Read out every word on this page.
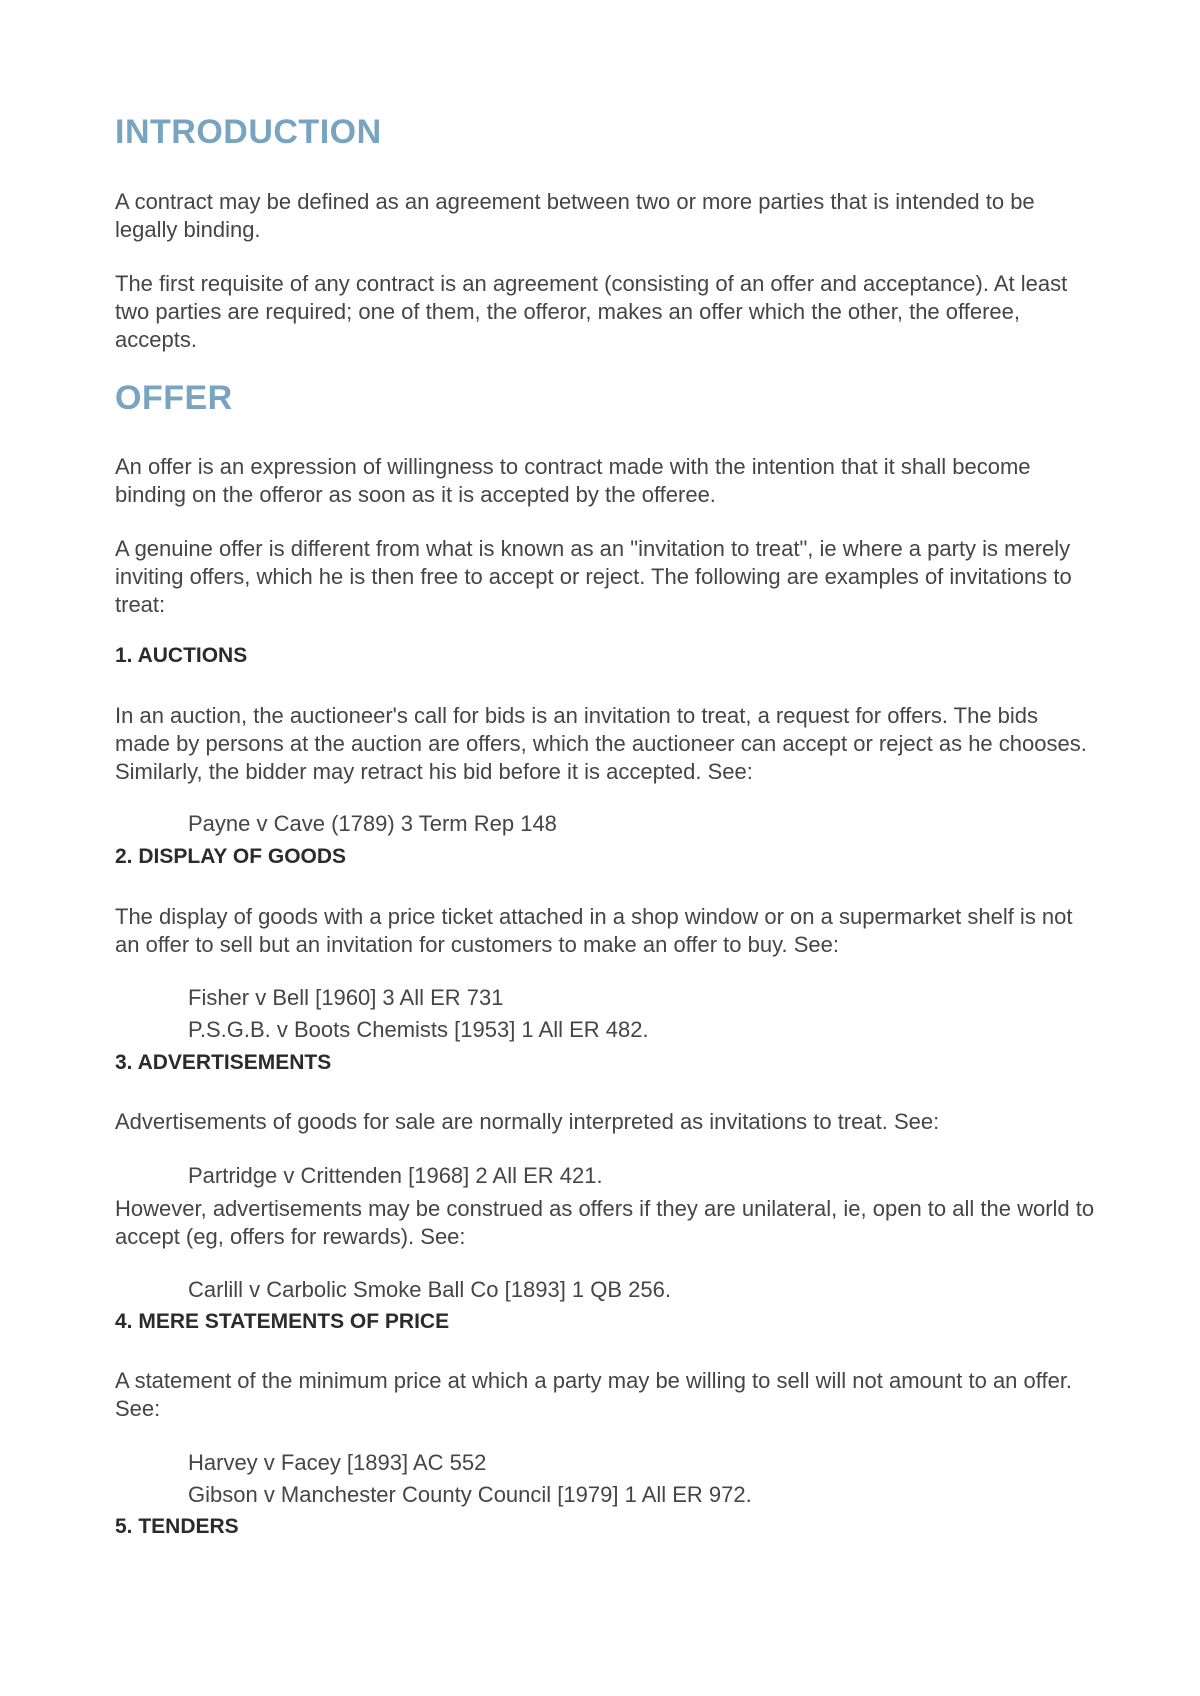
INTRODUCTION

A contract may be defined as an agreement between two or more parties that is intended to be legally binding.

The first requisite of any contract is an agreement (consisting of an offer and acceptance). At least two parties are required; one of them, the offeror, makes an offer which the other, the offeree, accepts.

OFFER

An offer is an expression of willingness to contract made with the intention that it shall become binding on the offeror as soon as it is accepted by the offeree.

A genuine offer is different from what is known as an "invitation to treat", ie where a party is merely inviting offers, which he is then free to accept or reject. The following are examples of invitations to treat:

1. AUCTIONS

In an auction, the auctioneer's call for bids is an invitation to treat, a request for offers. The bids made by persons at the auction are offers, which the auctioneer can accept or reject as he chooses. Similarly, the bidder may retract his bid before it is accepted. See:

Payne v Cave (1789) 3 Term Rep 148

2. DISPLAY OF GOODS

The display of goods with a price ticket attached in a shop window or on a supermarket shelf is not an offer to sell but an invitation for customers to make an offer to buy. See:

Fisher v Bell [1960] 3 All ER 731

P.S.G.B. v Boots Chemists [1953] 1 All ER 482.

3. ADVERTISEMENTS

Advertisements of goods for sale are normally interpreted as invitations to treat. See:

Partridge v Crittenden [1968] 2 All ER 421.

However, advertisements may be construed as offers if they are unilateral, ie, open to all the world to accept (eg, offers for rewards). See:

Carlill v Carbolic Smoke Ball Co [1893] 1 QB 256.

4. MERE STATEMENTS OF PRICE

A statement of the minimum price at which a party may be willing to sell will not amount to an offer. See:

Harvey v Facey [1893] AC 552

Gibson v Manchester County Council [1979] 1 All ER 972.

5. TENDERS
